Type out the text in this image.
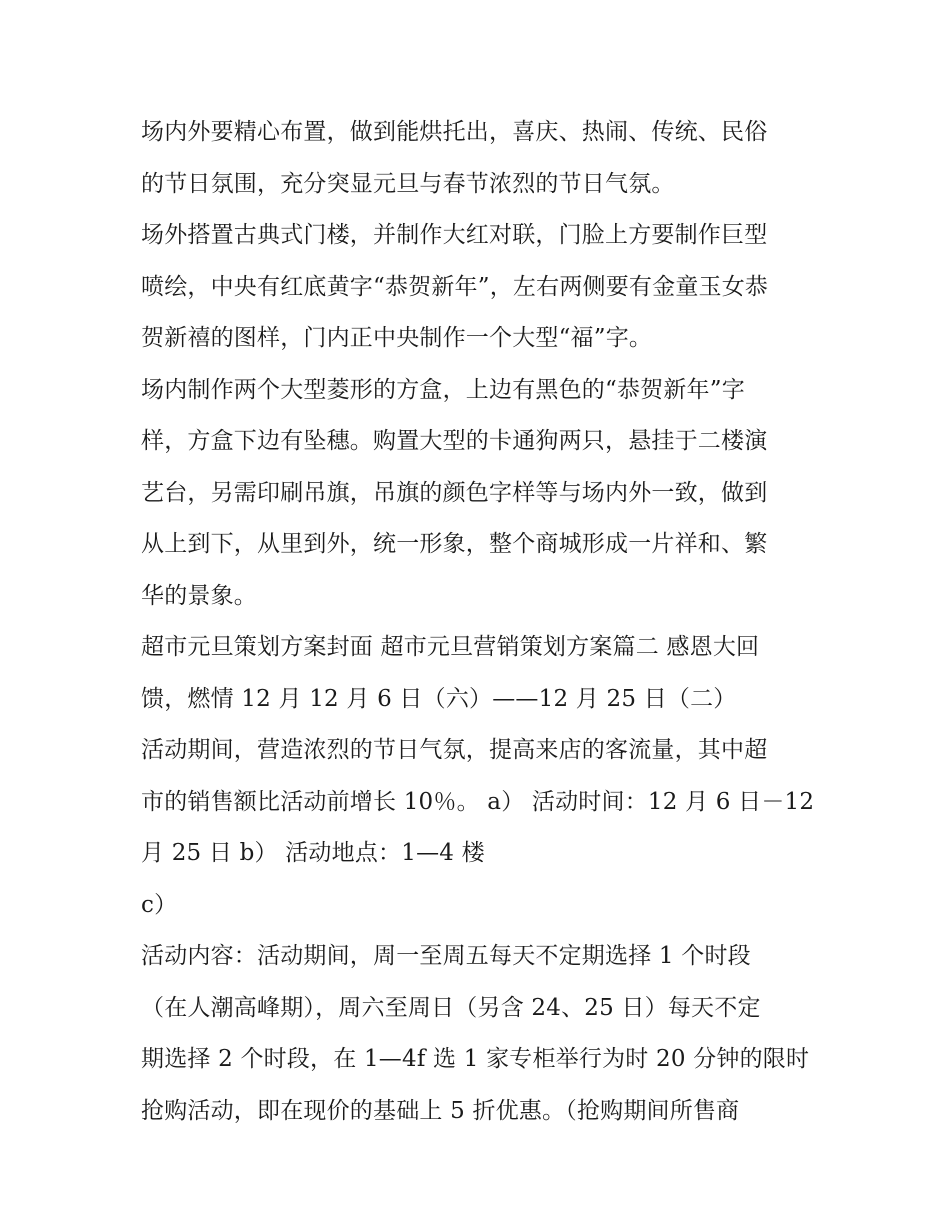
场内外要精心布置，做到能烘托出，喜庆、热闹、传统、民俗
的节日氛围，充分突显元旦与春节浓烈的节日气氛。
场外搭置古典式门楼，并制作大红对联，门脸上方要制作巨型
喷绘，中央有红底黄字“恭贺新年”，左右两侧要有金童玉女恭
贺新禧的图样，门内正中央制作一个大型“福”字。
场内制作两个大型菱形的方盒，上边有黑色的“恭贺新年”字
样，方盒下边有坠穗。购置大型的卡通狗两只，悬挂于二楼演
艺台，另需印刷吊旗，吊旗的颜色字样等与场内外一致，做到
从上到下，从里到外，统一形象，整个商城形成一片祥和、繁
华的景象。
超市元旦策划方案封面 超市元旦营销策划方案篇二 感恩大回
馈，燃情 12 月 12 月 6 日（六）——12 月 25 日（二）
活动期间，营造浓烈的节日气氛，提高来店的客流量，其中超
市的销售额比活动前增长 10％。 a） 活动时间：12 月 6 日－12
月 25 日 b） 活动地点：1—4 楼
c）
活动内容：活动期间，周一至周五每天不定期选择 1 个时段
（在人潮高峰期），周六至周日（另含 24、25 日）每天不定
期选择 2 个时段，在 1—4f 选 1 家专柜举行为时 20 分钟的限时
抢购活动，即在现价的基础上 5 折优惠。（抢购期间所售商
